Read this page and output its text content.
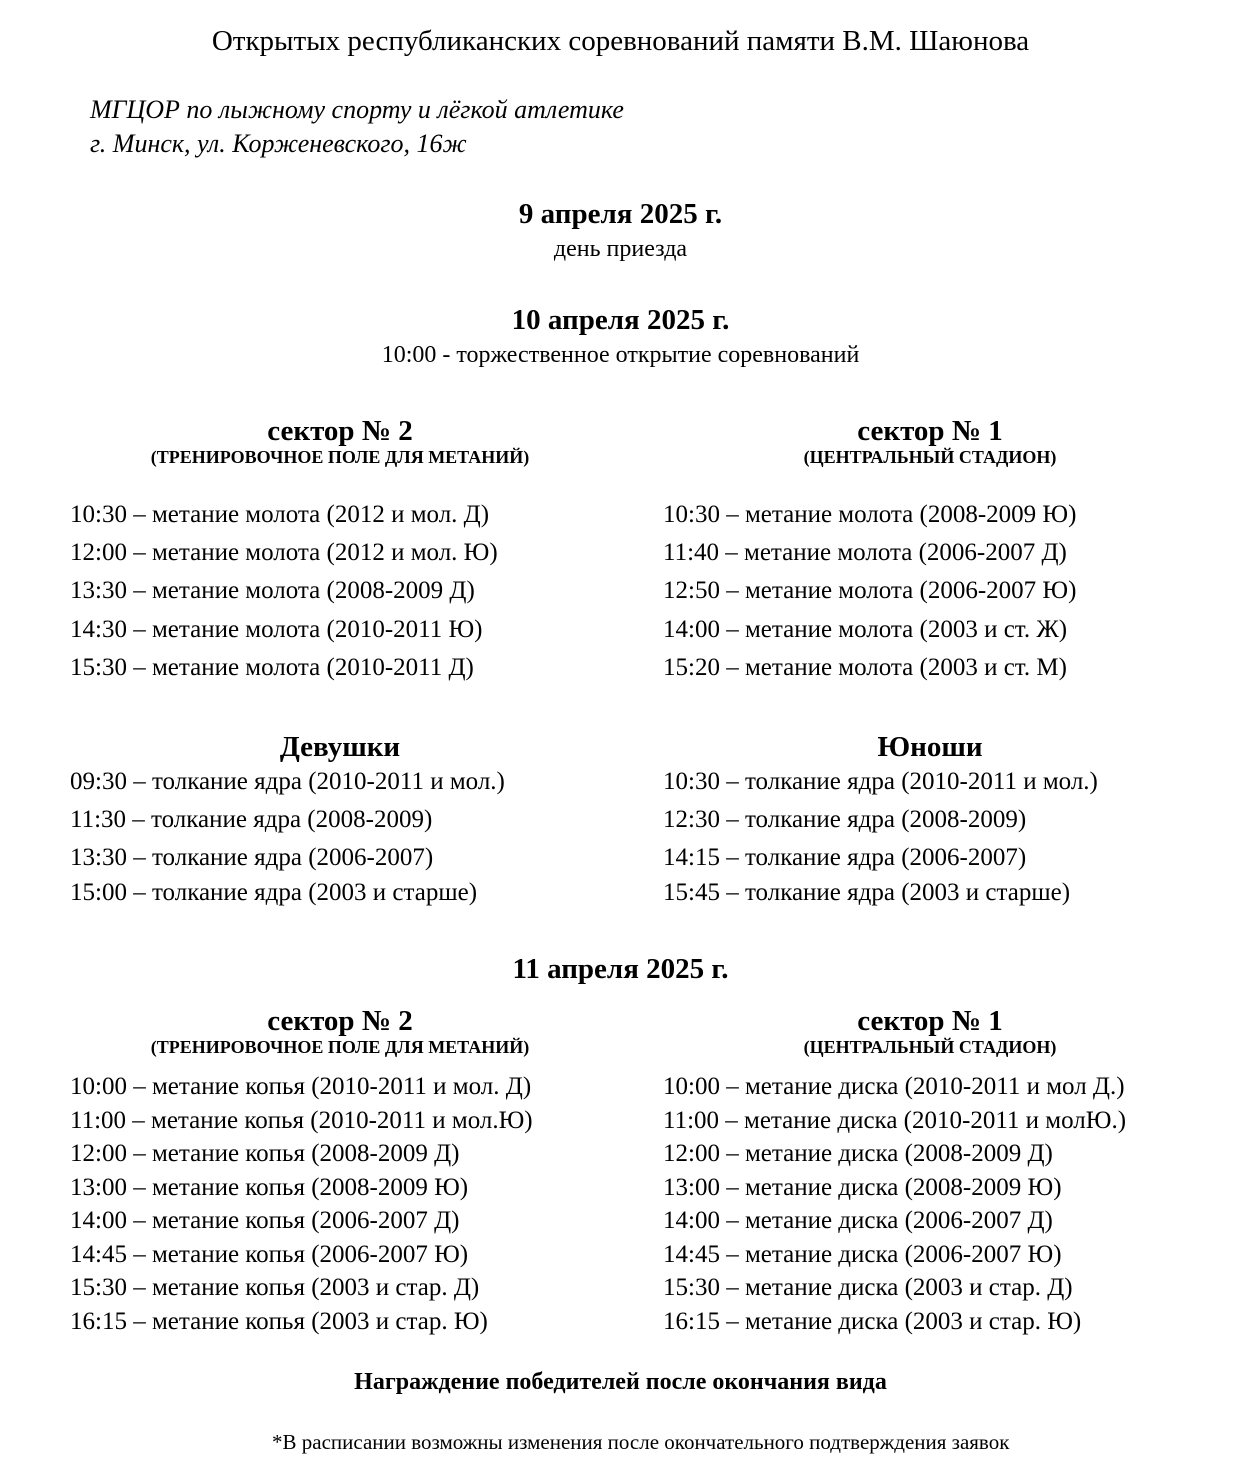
Открытых республиканских соревнований памяти В.М. Шаюнова
МГЦОР по лыжному спорту и лёгкой атлетике
г. Минск, ул. Корженевского, 16ж
9 апреля 2025 г.
день приезда
10 апреля 2025 г.
10:00 - торжественное открытие соревнований
сектор № 2
(ТРЕНИРОВОЧНОЕ ПОЛЕ ДЛЯ МЕТАНИЙ)
сектор № 1
(ЦЕНТРАЛЬНЫЙ СТАДИОН)
10:30 – метание молота (2012 и мол. Д)
12:00 – метание молота (2012 и мол. Ю)
13:30 – метание молота (2008-2009 Д)
14:30 – метание молота (2010-2011 Ю)
15:30 – метание молота (2010-2011 Д)
10:30 – метание молота (2008-2009 Ю)
11:40 – метание молота (2006-2007 Д)
12:50 – метание молота (2006-2007 Ю)
14:00 – метание молота (2003 и ст. Ж)
15:20 – метание молота (2003 и ст. М)
Девушки	Юноши
09:30 – толкание ядра (2010-2011 и мол.)
11:30 – толкание ядра (2008-2009)
13:30 – толкание ядра (2006-2007)
15:00 – толкание ядра (2003 и старше)
10:30 – толкание ядра (2010-2011 и мол.)
12:30 – толкание ядра (2008-2009)
14:15 – толкание ядра (2006-2007)
15:45 – толкание ядра (2003 и старше)
11 апреля 2025 г.
сектор № 2
(ТРЕНИРОВОЧНОЕ ПОЛЕ ДЛЯ МЕТАНИЙ)
сектор № 1
(ЦЕНТРАЛЬНЫЙ СТАДИОН)
10:00 – метание копья (2010-2011 и мол. Д)
11:00 – метание копья (2010-2011 и мол.Ю)
12:00 – метание копья (2008-2009 Д)
13:00 – метание копья (2008-2009 Ю)
14:00 – метание копья (2006-2007 Д)
14:45 – метание копья (2006-2007 Ю)
15:30 – метание копья (2003 и стар. Д)
16:15 – метание копья (2003 и стар. Ю)
10:00 – метание диска (2010-2011 и мол Д.)
11:00 – метание диска (2010-2011 и молЮ.)
12:00 – метание диска (2008-2009 Д)
13:00 – метание диска (2008-2009 Ю)
14:00 – метание диска (2006-2007 Д)
14:45 – метание диска (2006-2007 Ю)
15:30 – метание диска (2003 и стар. Д)
16:15 – метание диска (2003 и стар. Ю)
Награждение победителей после окончания вида
*В расписании возможны изменения после окончательного подтверждения заявок
